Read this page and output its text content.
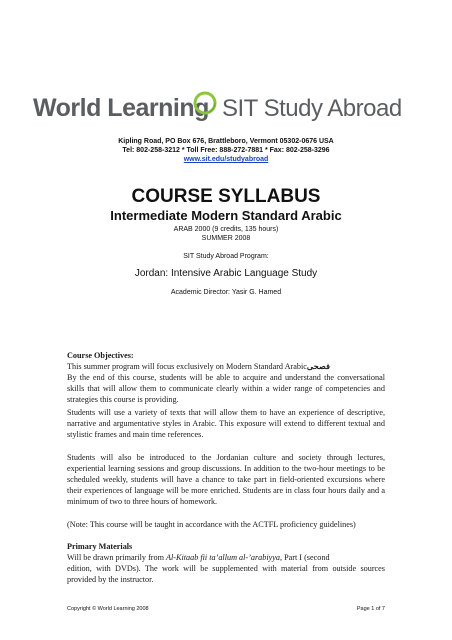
World Learning SIT Study Abroad
Kipling Road, PO Box 676, Brattleboro, Vermont 05302-0676 USA
Tel: 802-258-3212 * Toll Free: 888-272-7881 * Fax: 802-258-3296
www.sit.edu/studyabroad
COURSE SYLLABUS
Intermediate Modern Standard Arabic
ARAB 2000 (9 credits, 135 hours)
SUMMER 2008
SIT Study Abroad Program:
Jordan: Intensive Arabic Language Study
Academic Director: Yasir G. Hamed

Course Objectives:

This summer program will focus exclusively on Modern Standard Arabicفصحى
By the end of this course, students will be able to acquire and understand the conversational skills that will allow them to communicate clearly within a wider range of competencies and strategies this course is providing.

Students will use a variety of texts that will allow them to have an experience of descriptive, narrative and argumentative styles in Arabic. This exposure will extend to different textual and stylistic frames and main time references.

Students will also be introduced to the Jordanian culture and society through lectures, experiential learning sessions and group discussions. In addition to the two-hour meetings to be scheduled weekly, students will have a chance to take part in field-oriented excursions where their experiences of language will be more enriched. Students are in class four hours daily and a minimum of two to three hours of homework.

(Note: This course will be taught in accordance with the ACTFL proficiency guidelines)

Primary Materials

Will be drawn primarily from Al-Kitaab fii ta’allum al-’arabiyya, Part I (second
edition, with DVDs). The work will be supplemented with material from outside sources provided by the instructor.

Copyright © World Learning 2008	Page 1 of 7
